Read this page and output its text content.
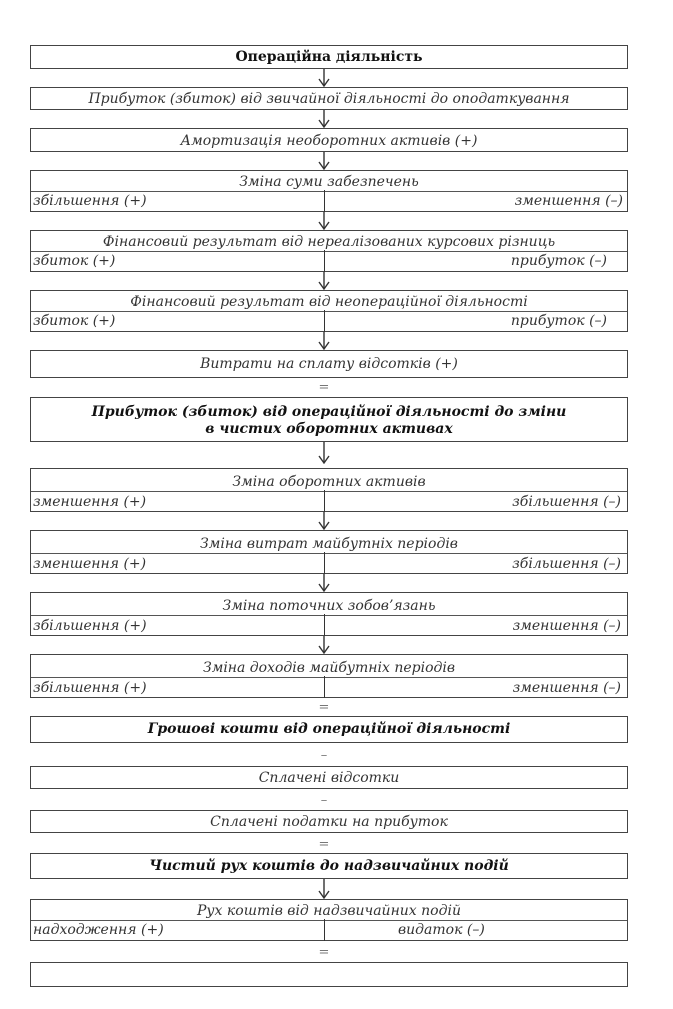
Операційна діяльність
Прибуток (збиток) від звичайної діяльності до оподаткування
Амортизація необоротних активів (+)
Зміна суми забезпечень
збільшення (+)	зменшення (–)
Фінансовий результат від нереалізованих курсових різниць
збиток (+)	прибуток (–)
Фінансовий результат від неопераційної діяльності
збиток (+)	прибуток (–)
Витрати на сплату відсотків (+)
=
Прибуток (збиток) від операційної діяльності до зміни
в чистих оборотних активах
Зміна оборотних активів
зменшення (+)	збільшення (–)
Зміна витрат майбутніх періодів
зменшення (+)	збільшення (–)
Зміна поточних зобов’язань
збільшення (+)	зменшення (–)
Зміна доходів майбутніх періодів
збільшення (+)	зменшення (–)
=
Грошові кошти від операційної діяльності
–
Сплачені відсотки
–
Сплачені податки на прибуток
=
Чистий рух коштів до надзвичайних подій
Рух коштів від надзвичайних подій
надходження (+)	видаток (–)
=
